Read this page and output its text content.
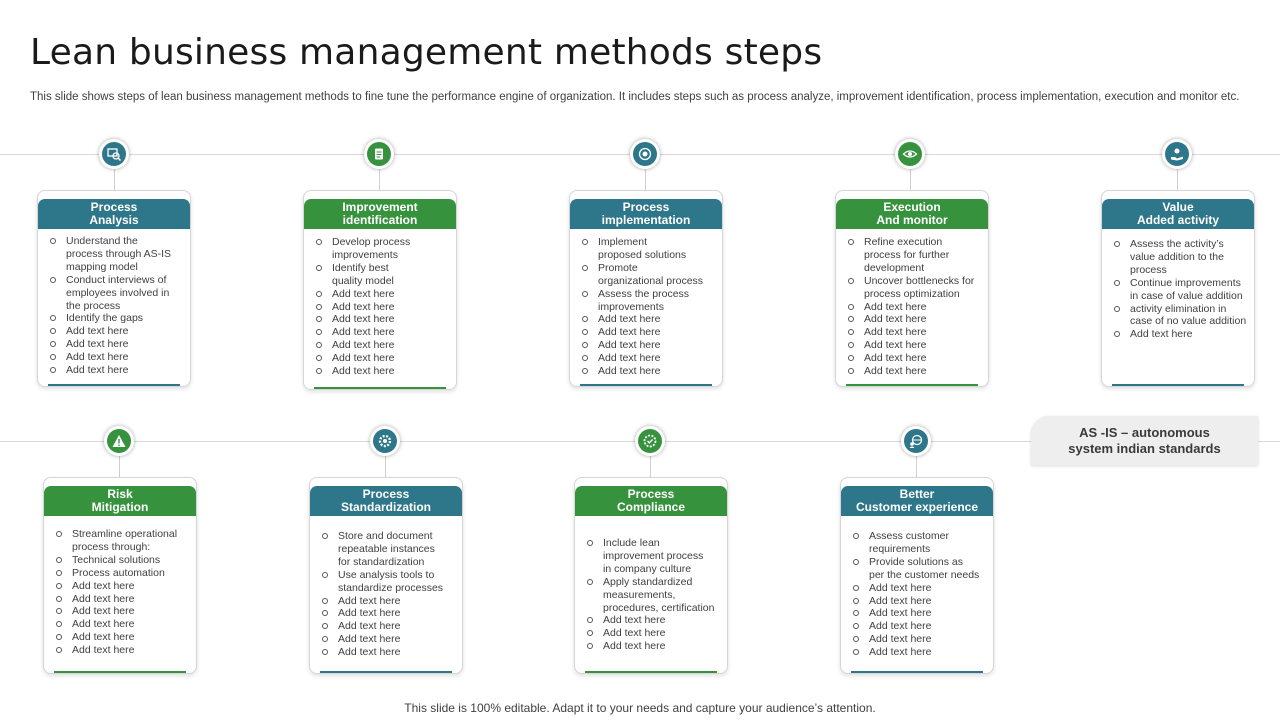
Lean business management methods steps

This slide shows steps of lean business management methods to fine tune the performance engine of organization. It includes steps such as process analyze, improvement identification, process implementation, execution and monitor etc.

Process
Analysis
Understand the
process through AS-IS
mapping model
Conduct interviews of
employees involved in
the process
Identify the gaps
Add text here
Add text here
Add text here
Add text here
Improvement
identification
Develop process
improvements
Identify best
quality model
Add text here
Add text here
Add text here
Add text here
Add text here
Add text here
Add text here
Process
implementation
Implement
proposed solutions
Promote
organizational process
Assess the process
improvements
Add text here
Add text here
Add text here
Add text here
Add text here
Execution
And monitor
Refine execution
process for further
development
Uncover bottlenecks for
process optimization
Add text here
Add text here
Add text here
Add text here
Add text here
Add text here
Value
Added activity
Assess the activity’s
value addition to the
process
Continue improvements
in case of value addition
activity elimination in
case of no value addition
Add text here
Risk
Mitigation
Streamline operational
process through:
Technical solutions
Process automation
Add text here
Add text here
Add text here
Add text here
Add text here
Add text here
Process
Standardization
Store and document
repeatable instances
for standardization
Use analysis tools to
standardize processes
Add text here
Add text here
Add text here
Add text here
Add text here
Process
Compliance
Include lean
improvement process
in company culture
Apply standardized
measurements,
procedures, certification
Add text here
Add text here
Add text here
Better
Customer experience
Assess customer
requirements
Provide solutions as
per the customer needs
Add text here
Add text here
Add text here
Add text here
Add text here
Add text here
AS -IS – autonomous
system indian standards
This slide is 100% editable. Adapt it to your needs and capture your audience’s attention.
